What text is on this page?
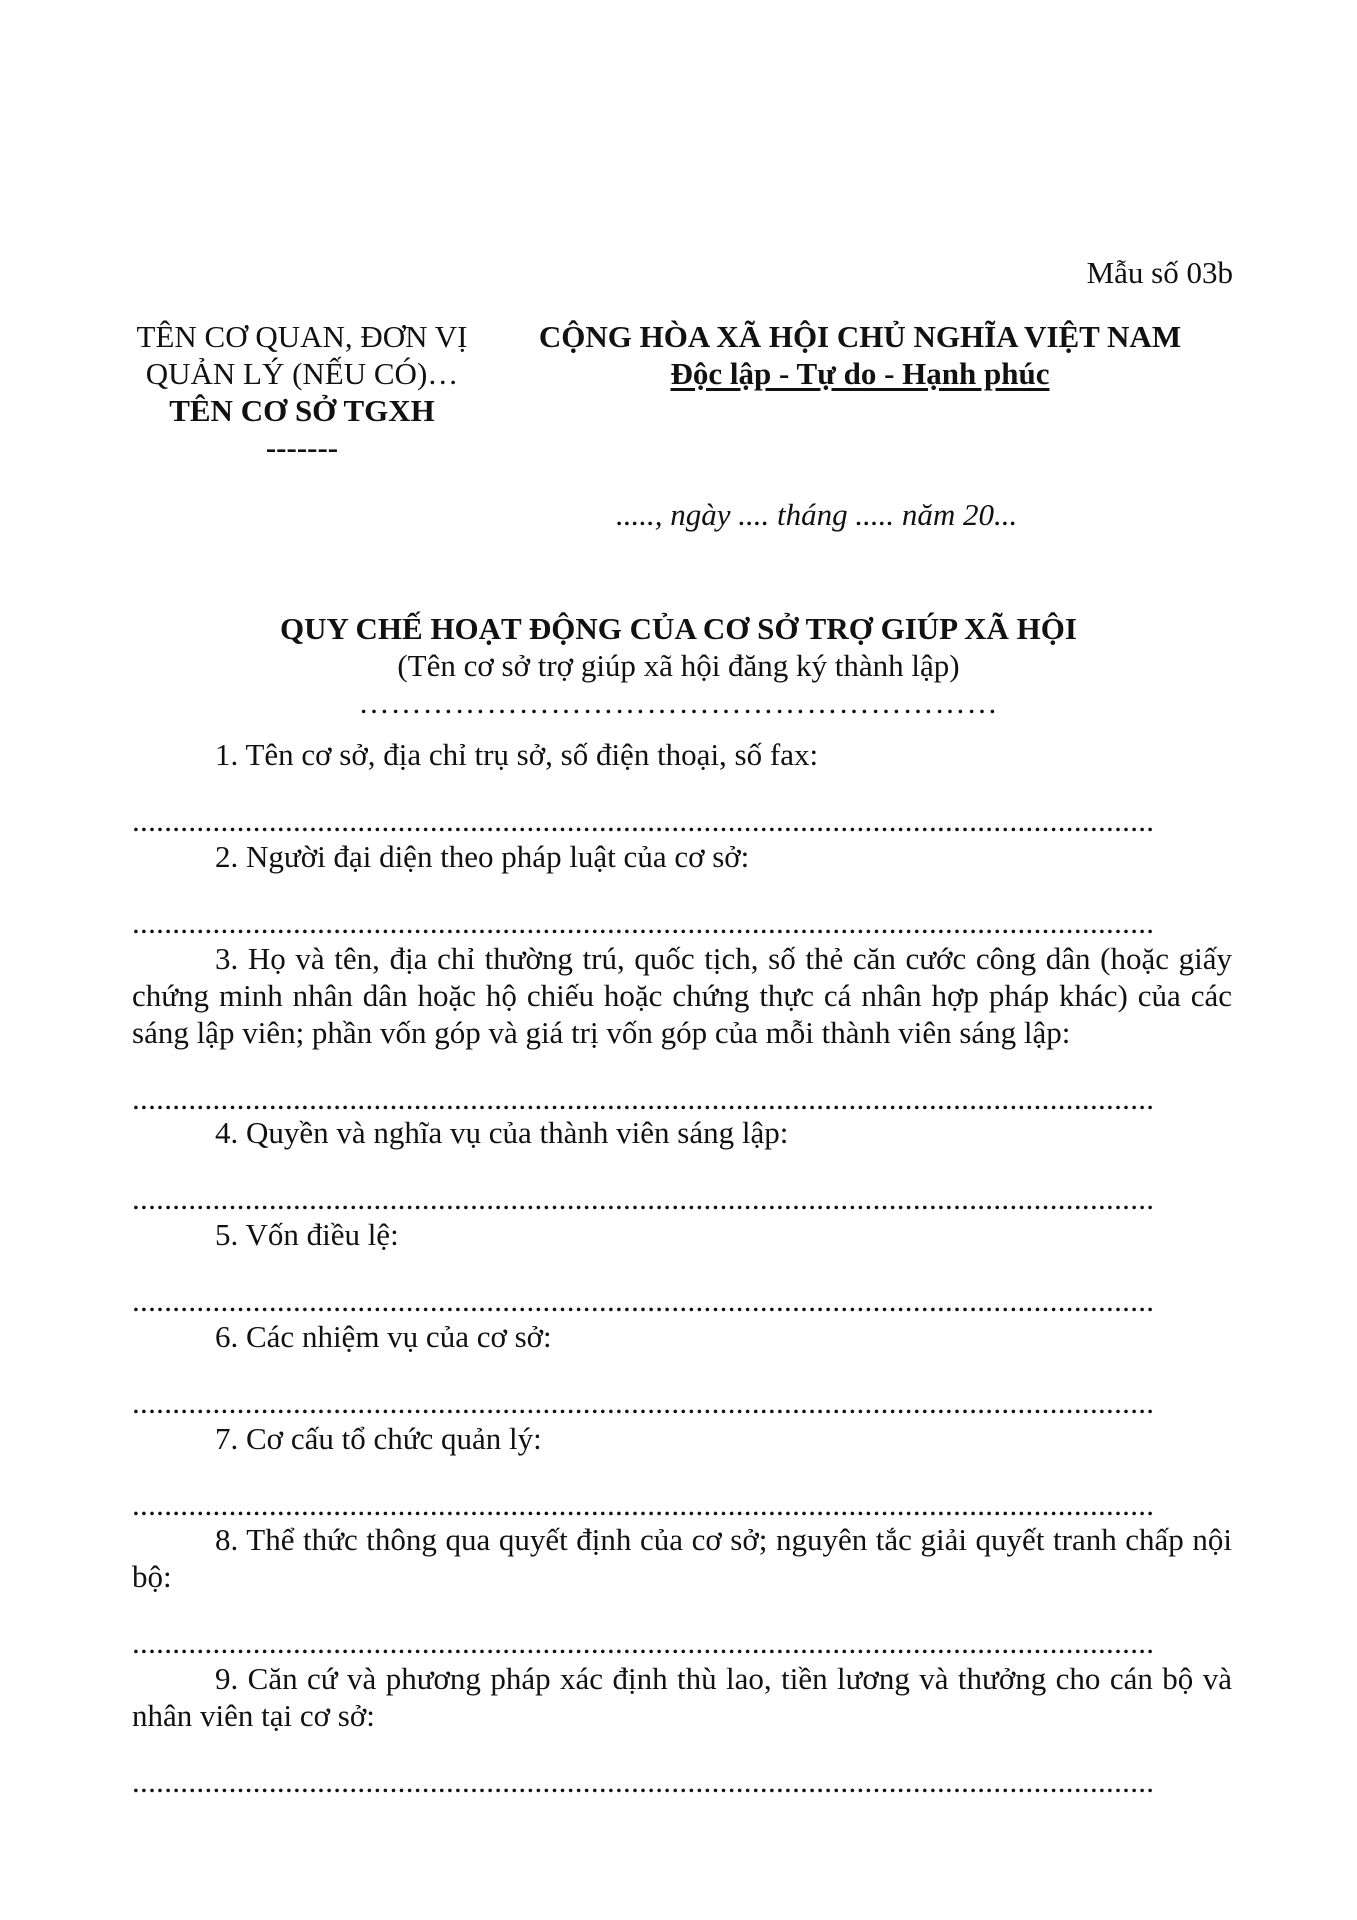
Mẫu số 03b
TÊN CƠ QUAN, ĐƠN VỊ
QUẢN LÝ (NẾU CÓ)…
TÊN CƠ SỞ TGXH
-------
CỘNG HÒA XÃ HỘI CHỦ NGHĨA VIỆT NAM
Độc lập - Tự do - Hạnh phúc
....., ngày .... tháng ..... năm 20...
QUY CHẾ HOẠT ĐỘNG CỦA CƠ SỞ TRỢ GIÚP XÃ HỘI
(Tên cơ sở trợ giúp xã hội đăng ký thành lập)
……………………………………………………
1. Tên cơ sở, địa chỉ trụ sở, số điện thoại, số fax:
...............................................................................................................................
2. Người đại diện theo pháp luật của cơ sở:
...............................................................................................................................
3. Họ và tên, địa chỉ thường trú, quốc tịch, số thẻ căn cước công dân (hoặc giấy chứng minh nhân dân hoặc hộ chiếu hoặc chứng thực cá nhân hợp pháp khác) của các sáng lập viên; phần vốn góp và giá trị vốn góp của mỗi thành viên sáng lập:
...............................................................................................................................
4. Quyền và nghĩa vụ của thành viên sáng lập:
...............................................................................................................................
5. Vốn điều lệ:
...............................................................................................................................
6. Các nhiệm vụ của cơ sở:
...............................................................................................................................
7. Cơ cấu tổ chức quản lý:
...............................................................................................................................
8. Thể thức thông qua quyết định của cơ sở; nguyên tắc giải quyết tranh chấp nội bộ:
...............................................................................................................................
9. Căn cứ và phương pháp xác định thù lao, tiền lương và thưởng cho cán bộ và nhân viên tại cơ sở:
...............................................................................................................................
